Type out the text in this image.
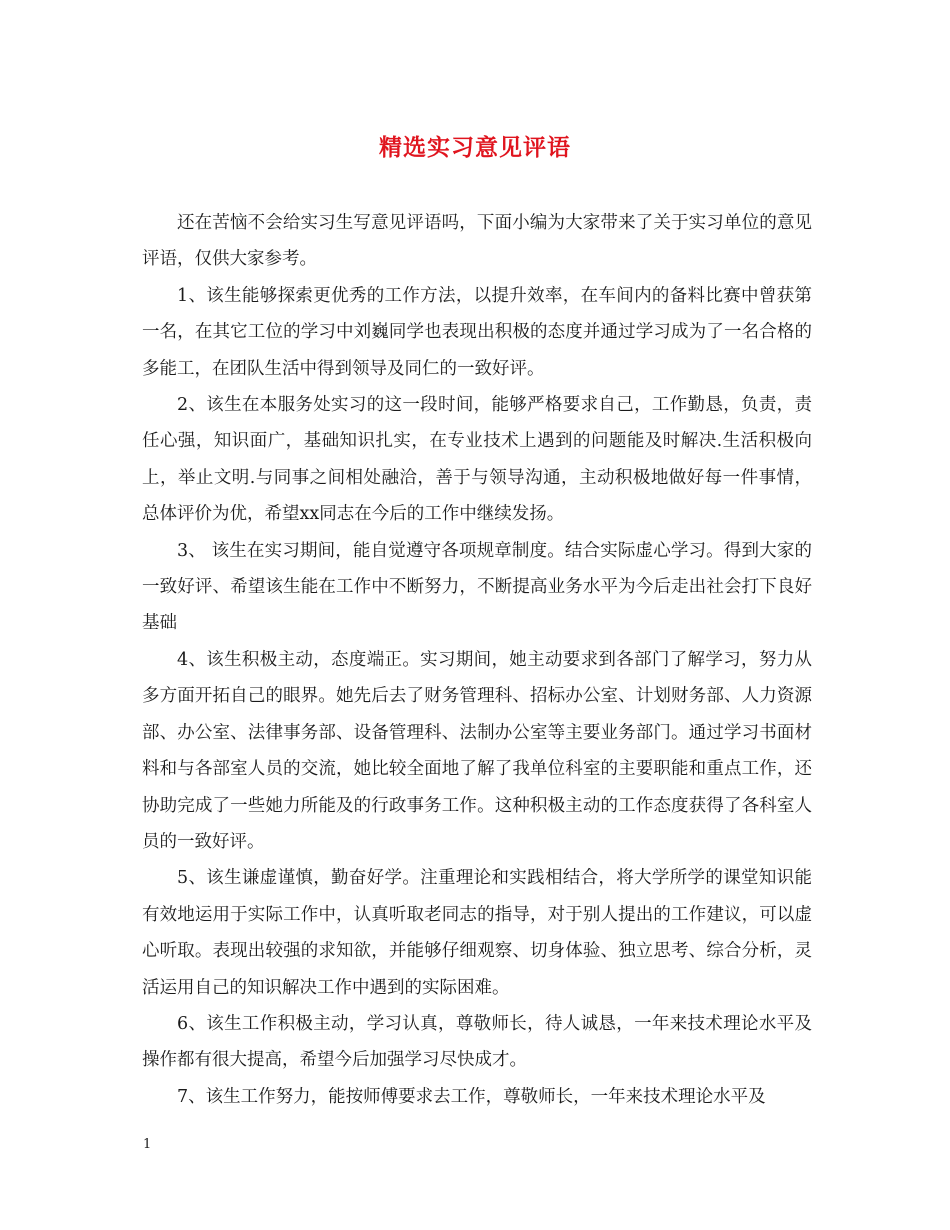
精选实习意见评语

还在苦恼不会给实习生写意见评语吗，下面小编为大家带来了关于实习单位的意见评语，仅供大家参考。

1、该生能够探索更优秀的工作方法，以提升效率，在车间内的备料比赛中曾获第一名，在其它工位的学习中刘巍同学也表现出积极的态度并通过学习成为了一名合格的多能工，在团队生活中得到领导及同仁的一致好评。

2、该生在本服务处实习的这一段时间，能够严格要求自己，工作勤恳，负责，责任心强，知识面广，基础知识扎实，在专业技术上遇到的问题能及时解决.生活积极向上，举止文明.与同事之间相处融洽，善于与领导沟通，主动积极地做好每一件事情，总体评价为优，希望xx同志在今后的工作中继续发扬。

3、 该生在实习期间，能自觉遵守各项规章制度。结合实际虚心学习。得到大家的一致好评、希望该生能在工作中不断努力，不断提高业务水平为今后走出社会打下良好基础

4、该生积极主动，态度端正。实习期间，她主动要求到各部门了解学习，努力从多方面开拓自己的眼界。她先后去了财务管理科、招标办公室、计划财务部、人力资源部、办公室、法律事务部、设备管理科、法制办公室等主要业务部门。通过学习书面材料和与各部室人员的交流，她比较全面地了解了我单位科室的主要职能和重点工作，还协助完成了一些她力所能及的行政事务工作。这种积极主动的工作态度获得了各科室人员的一致好评。

5、该生谦虚谨慎，勤奋好学。注重理论和实践相结合，将大学所学的课堂知识能有效地运用于实际工作中，认真听取老同志的指导，对于别人提出的工作建议，可以虚心听取。表现出较强的求知欲，并能够仔细观察、切身体验、独立思考、综合分析，灵活运用自己的知识解决工作中遇到的实际困难。

6、该生工作积极主动，学习认真，尊敬师长，待人诚恳，一年来技术理论水平及操作都有很大提高，希望今后加强学习尽快成才。

7、该生工作努力，能按师傅要求去工作，尊敬师长，一年来技术理论水平及

1
